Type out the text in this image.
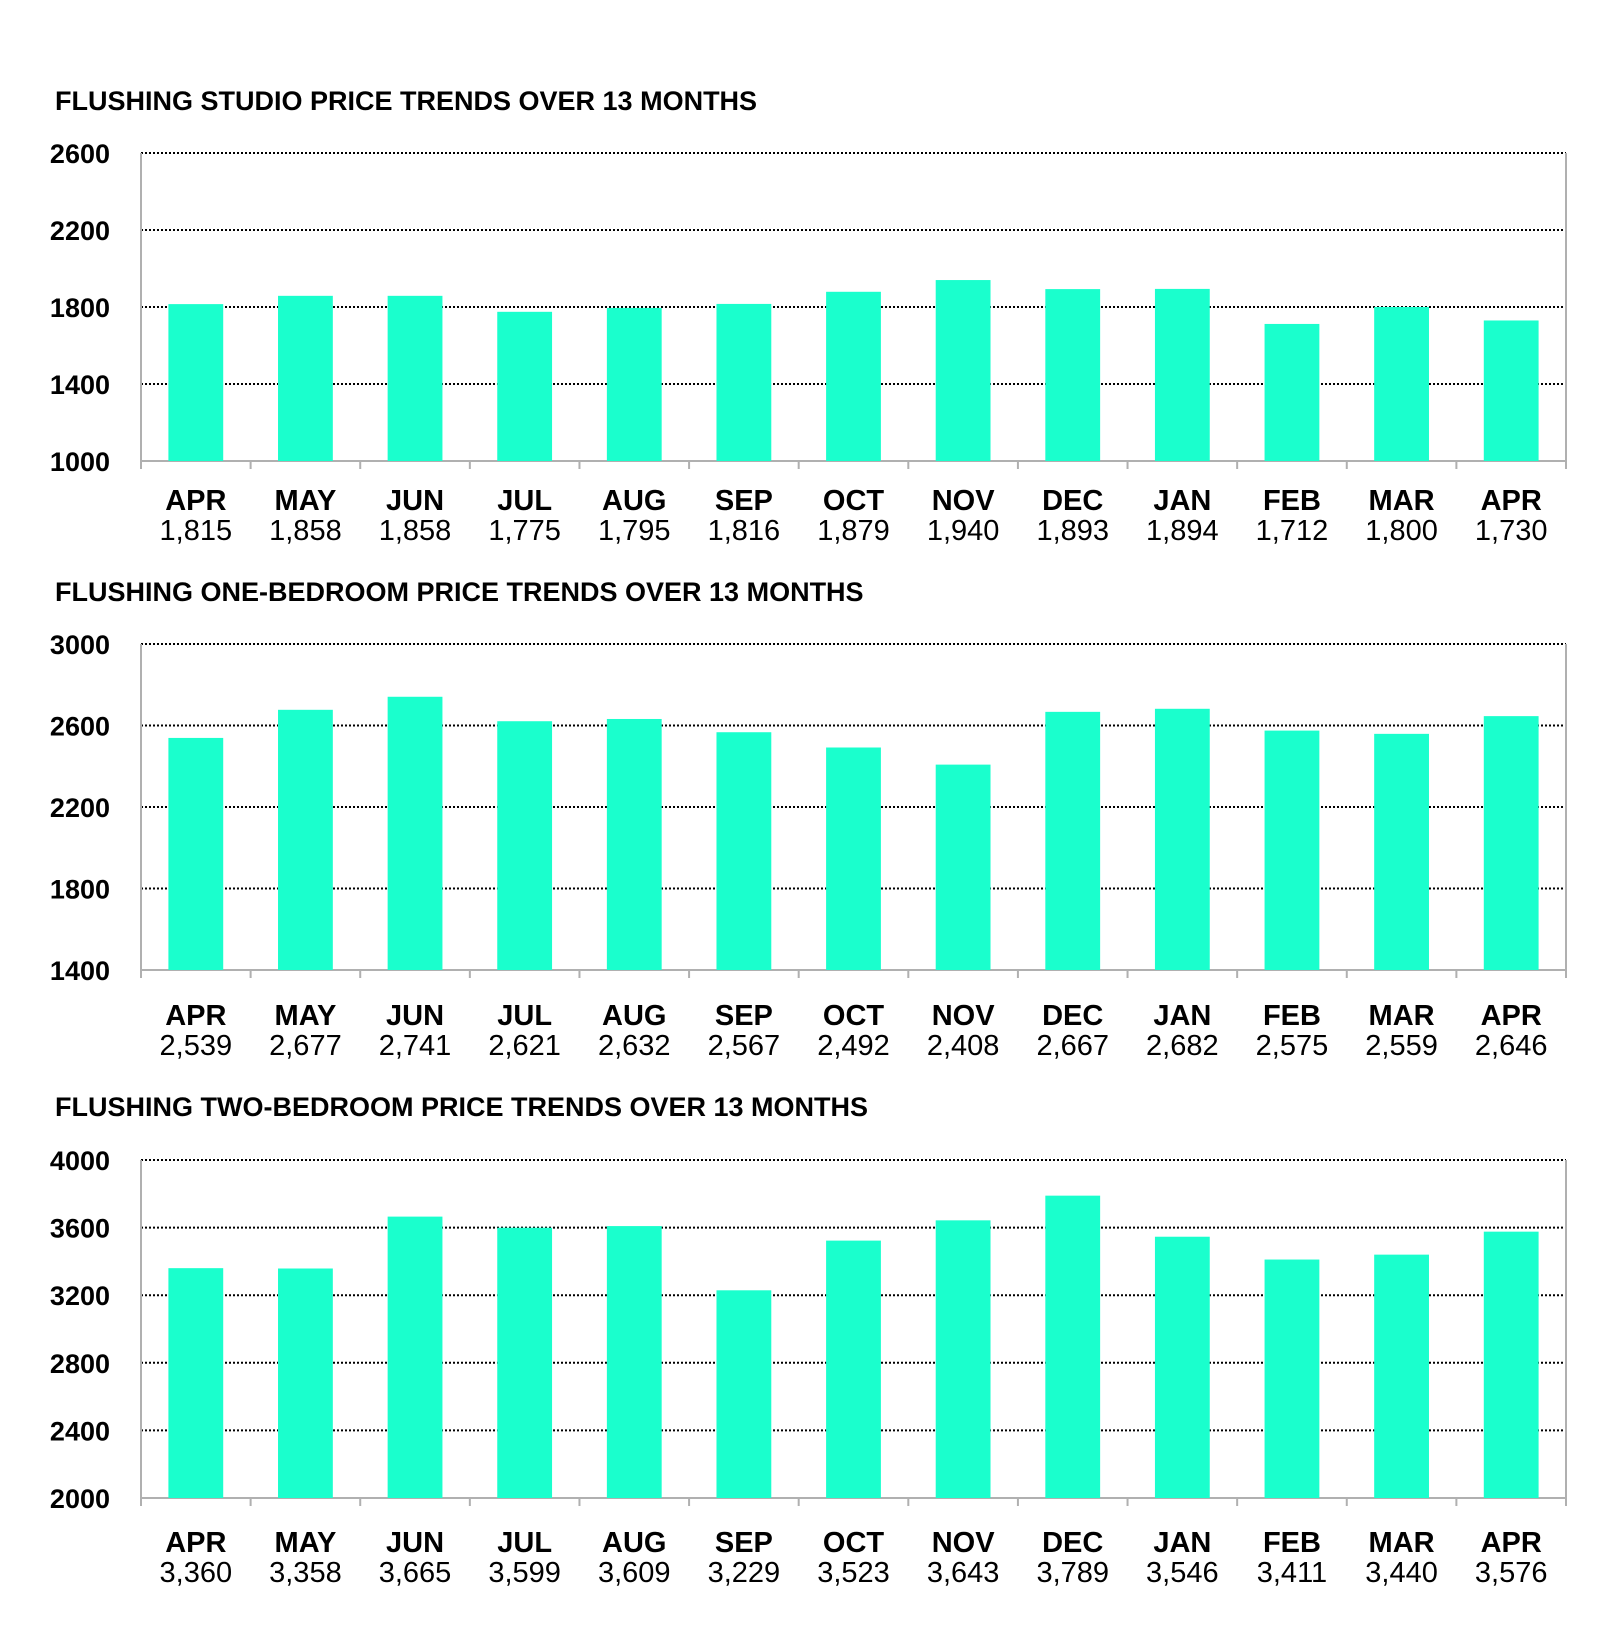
FLUSHING STUDIO PRICE TRENDS OVER 13 MONTHS
1000
1400
1800
2200
2600
APR
1,815
MAY
1,858
JUN
1,858
JUL
1,775
AUG
1,795
SEP
1,816
OCT
1,879
NOV
1,940
DEC
1,893
JAN
1,894
FEB
1,712
MAR
1,800
APR
1,730
FLUSHING ONE-BEDROOM PRICE TRENDS OVER 13 MONTHS
1400
1800
2200
2600
3000
APR
2,539
MAY
2,677
JUN
2,741
JUL
2,621
AUG
2,632
SEP
2,567
OCT
2,492
NOV
2,408
DEC
2,667
JAN
2,682
FEB
2,575
MAR
2,559
APR
2,646
FLUSHING TWO-BEDROOM PRICE TRENDS OVER 13 MONTHS
2000
2400
2800
3200
3600
4000
APR
3,360
MAY
3,358
JUN
3,665
JUL
3,599
AUG
3,609
SEP
3,229
OCT
3,523
NOV
3,643
DEC
3,789
JAN
3,546
FEB
3,411
MAR
3,440
APR
3,576
